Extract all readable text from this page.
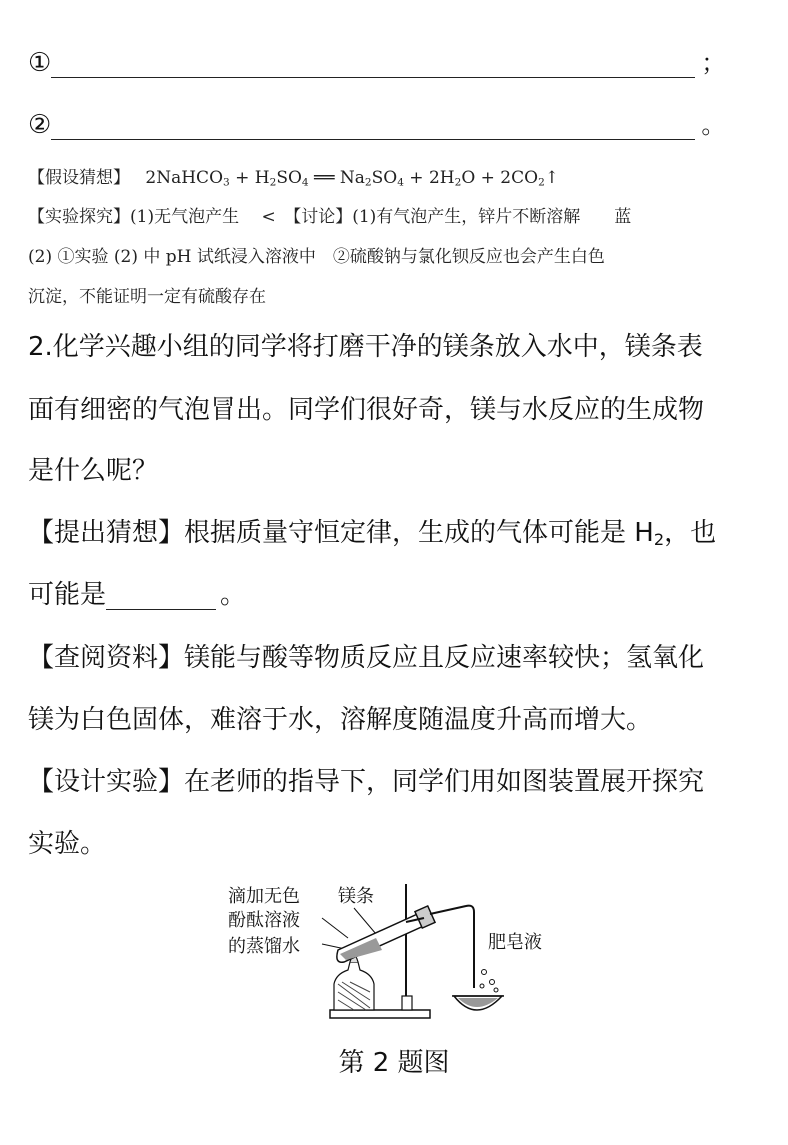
①	；
②	。
【假设猜想】 2NaHCO$_3$ + $H_2SO_4$ ══ $Na_2SO_4 + 2H_2O$ + $2CO_2↑$
【实验探究】(1)无气泡产生　 <　【讨论】(1)有气泡产生，锌片不断溶解　　蓝
(2) ①实验 (2) 中 pH 试纸浸入溶液中　②硫酸钠与氯化钡反应也会产生白色
沉淀，不能证明一定有硫酸存在
2.化学兴趣小组的同学将打磨干净的镁条放入水中，镁条表
面有细密的气泡冒出。同学们很好奇，镁与水反应的生成物
是什么呢？
【提出猜想】根据质量守恒定律，生成的气体可能是 $H_2$，也
可能是	。
【查阅资料】镁能与酸等物质反应且反应速率较快；氢氧化
镁为白色固体，难溶于水，溶解度随温度升高而增大。
【设计实验】在老师的指导下，同学们用如图装置展开探究
实验。
滴加无色
酚酞溶液
的蒸馏水
镁条
肥皂液
第 2 题图
